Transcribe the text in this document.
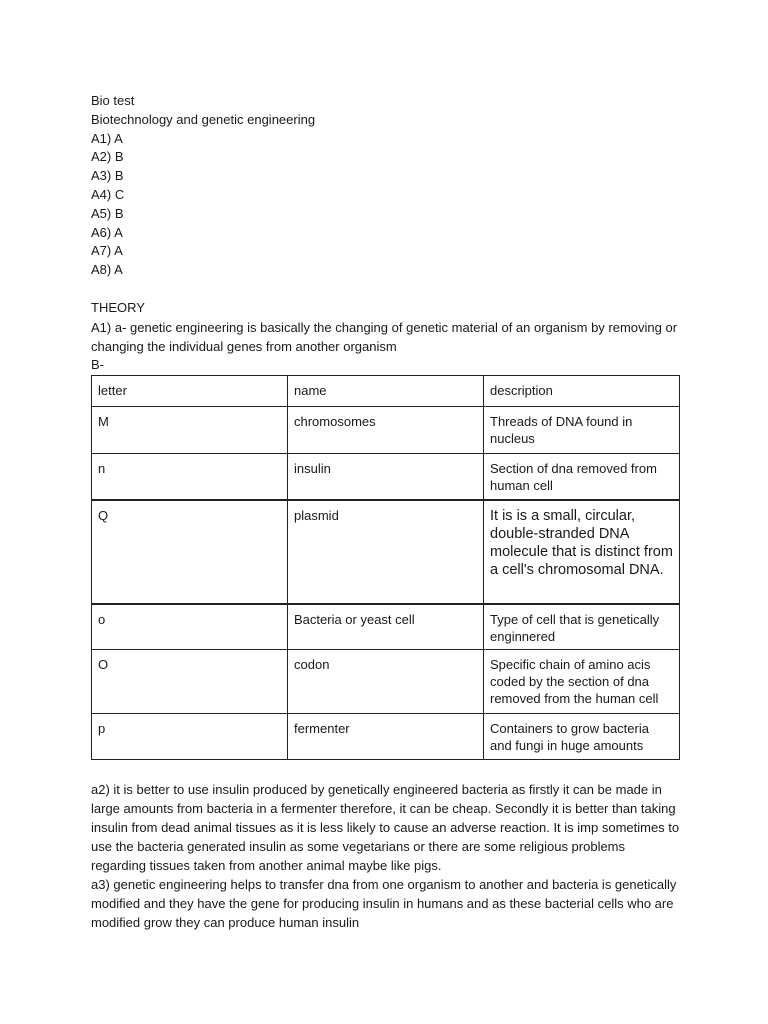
Bio test
Biotechnology and genetic engineering
A1) A
A2) B
A3) B
A4) C
A5) B
A6) A
A7) A
A8) A
THEORY
A1) a- genetic engineering is basically the changing of genetic material of an organism by removing or changing the individual genes from another organism
B-
letter	name	description
M	chromosomes	Threads of DNA found in nucleus
n	insulin	Section of dna removed from human cell
Q	plasmid	It is is a small, circular, double-stranded DNA molecule that is distinct from a cell's chromosomal DNA.
o	Bacteria or yeast cell	Type of cell that is genetically enginnered
O	codon	Specific chain of amino acis coded by the section of dna removed from the human cell
p	fermenter	Containers to grow bacteria and fungi in huge amounts
a2) it is better to use insulin produced by genetically engineered bacteria as firstly it can be made in large amounts from bacteria in a fermenter therefore, it can be cheap. Secondly it is better than taking insulin from dead animal tissues as it is less likely to cause an adverse reaction. It is imp sometimes to use the bacteria generated insulin as some vegetarians or there are some religious problems regarding tissues taken from another animal maybe like pigs.
a3) genetic engineering helps to transfer dna from one organism to another and bacteria is genetically modified and they have the gene for producing insulin in humans and as these bacterial cells who are modified grow they can produce human insulin
